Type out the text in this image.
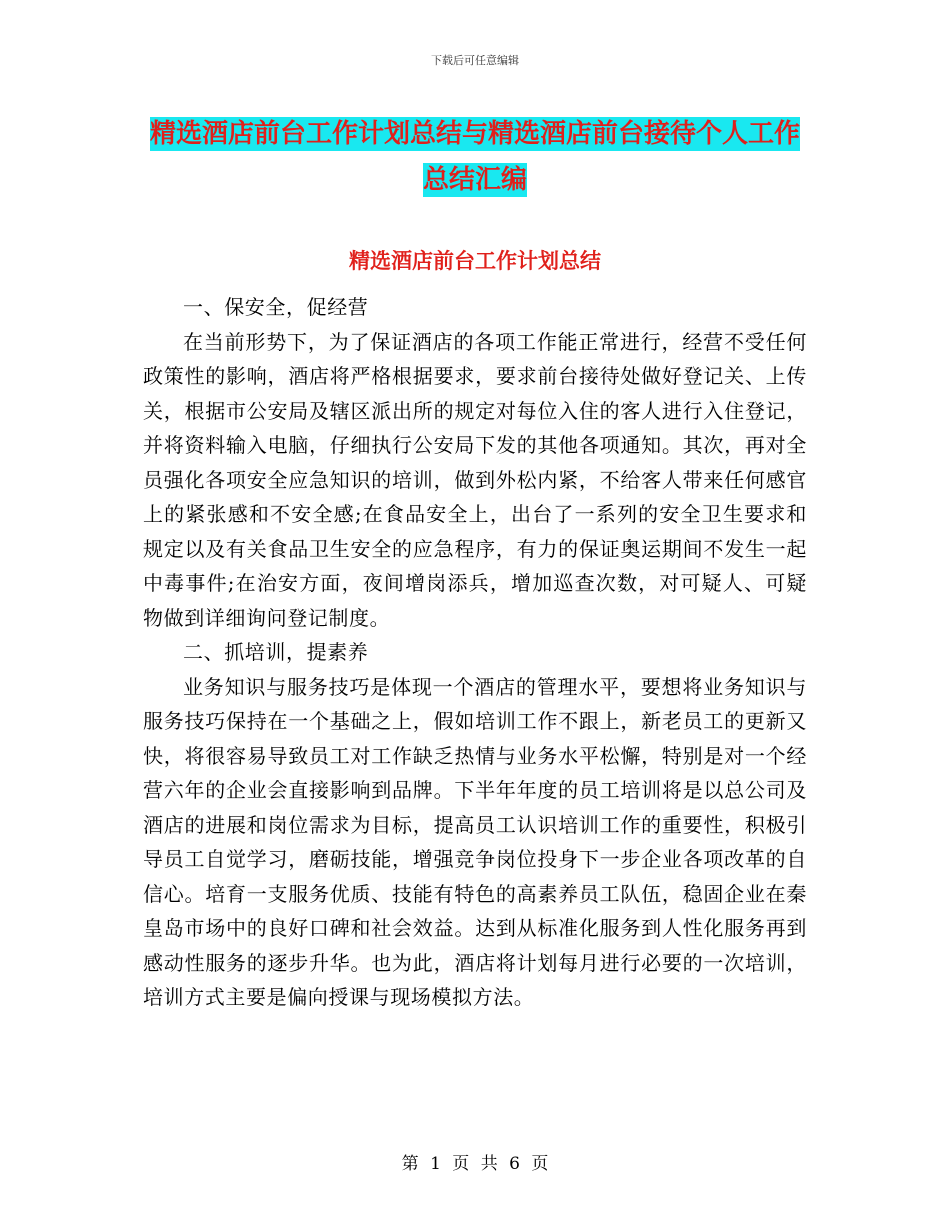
下载后可任意编辑
精选酒店前台工作计划总结与精选酒店前台接待个人工作总结汇编
精选酒店前台工作计划总结

一、保安全，促经营

在当前形势下，为了保证酒店的各项工作能正常进行，经营不受任何政策性的影响，酒店将严格根据要求，要求前台接待处做好登记关、上传关，根据市公安局及辖区派出所的规定对每位入住的客人进行入住登记，并将资料输入电脑，仔细执行公安局下发的其他各项通知。其次，再对全员强化各项安全应急知识的培训，做到外松内紧，不给客人带来任何感官上的紧张感和不安全感;在食品安全上，出台了一系列的安全卫生要求和规定以及有关食品卫生安全的应急程序，有力的保证奥运期间不发生一起中毒事件;在治安方面，夜间增岗添兵，增加巡查次数，对可疑人、可疑物做到详细询问登记制度。

二、抓培训，提素养

业务知识与服务技巧是体现一个酒店的管理水平，要想将业务知识与服务技巧保持在一个基础之上，假如培训工作不跟上，新老员工的更新又快，将很容易导致员工对工作缺乏热情与业务水平松懈，特别是对一个经营六年的企业会直接影响到品牌。下半年年度的员工培训将是以总公司及酒店的进展和岗位需求为目标，提高员工认识培训工作的重要性，积极引导员工自觉学习，磨砺技能，增强竞争岗位投身下一步企业各项改革的自信心。培育一支服务优质、技能有特色的高素养员工队伍，稳固企业在秦皇岛市场中的良好口碑和社会效益。达到从标准化服务到人性化服务再到感动性服务的逐步升华。也为此，酒店将计划每月进行必要的一次培训，培训方式主要是偏向授课与现场模拟方法。

第 1 页 共 6 页
